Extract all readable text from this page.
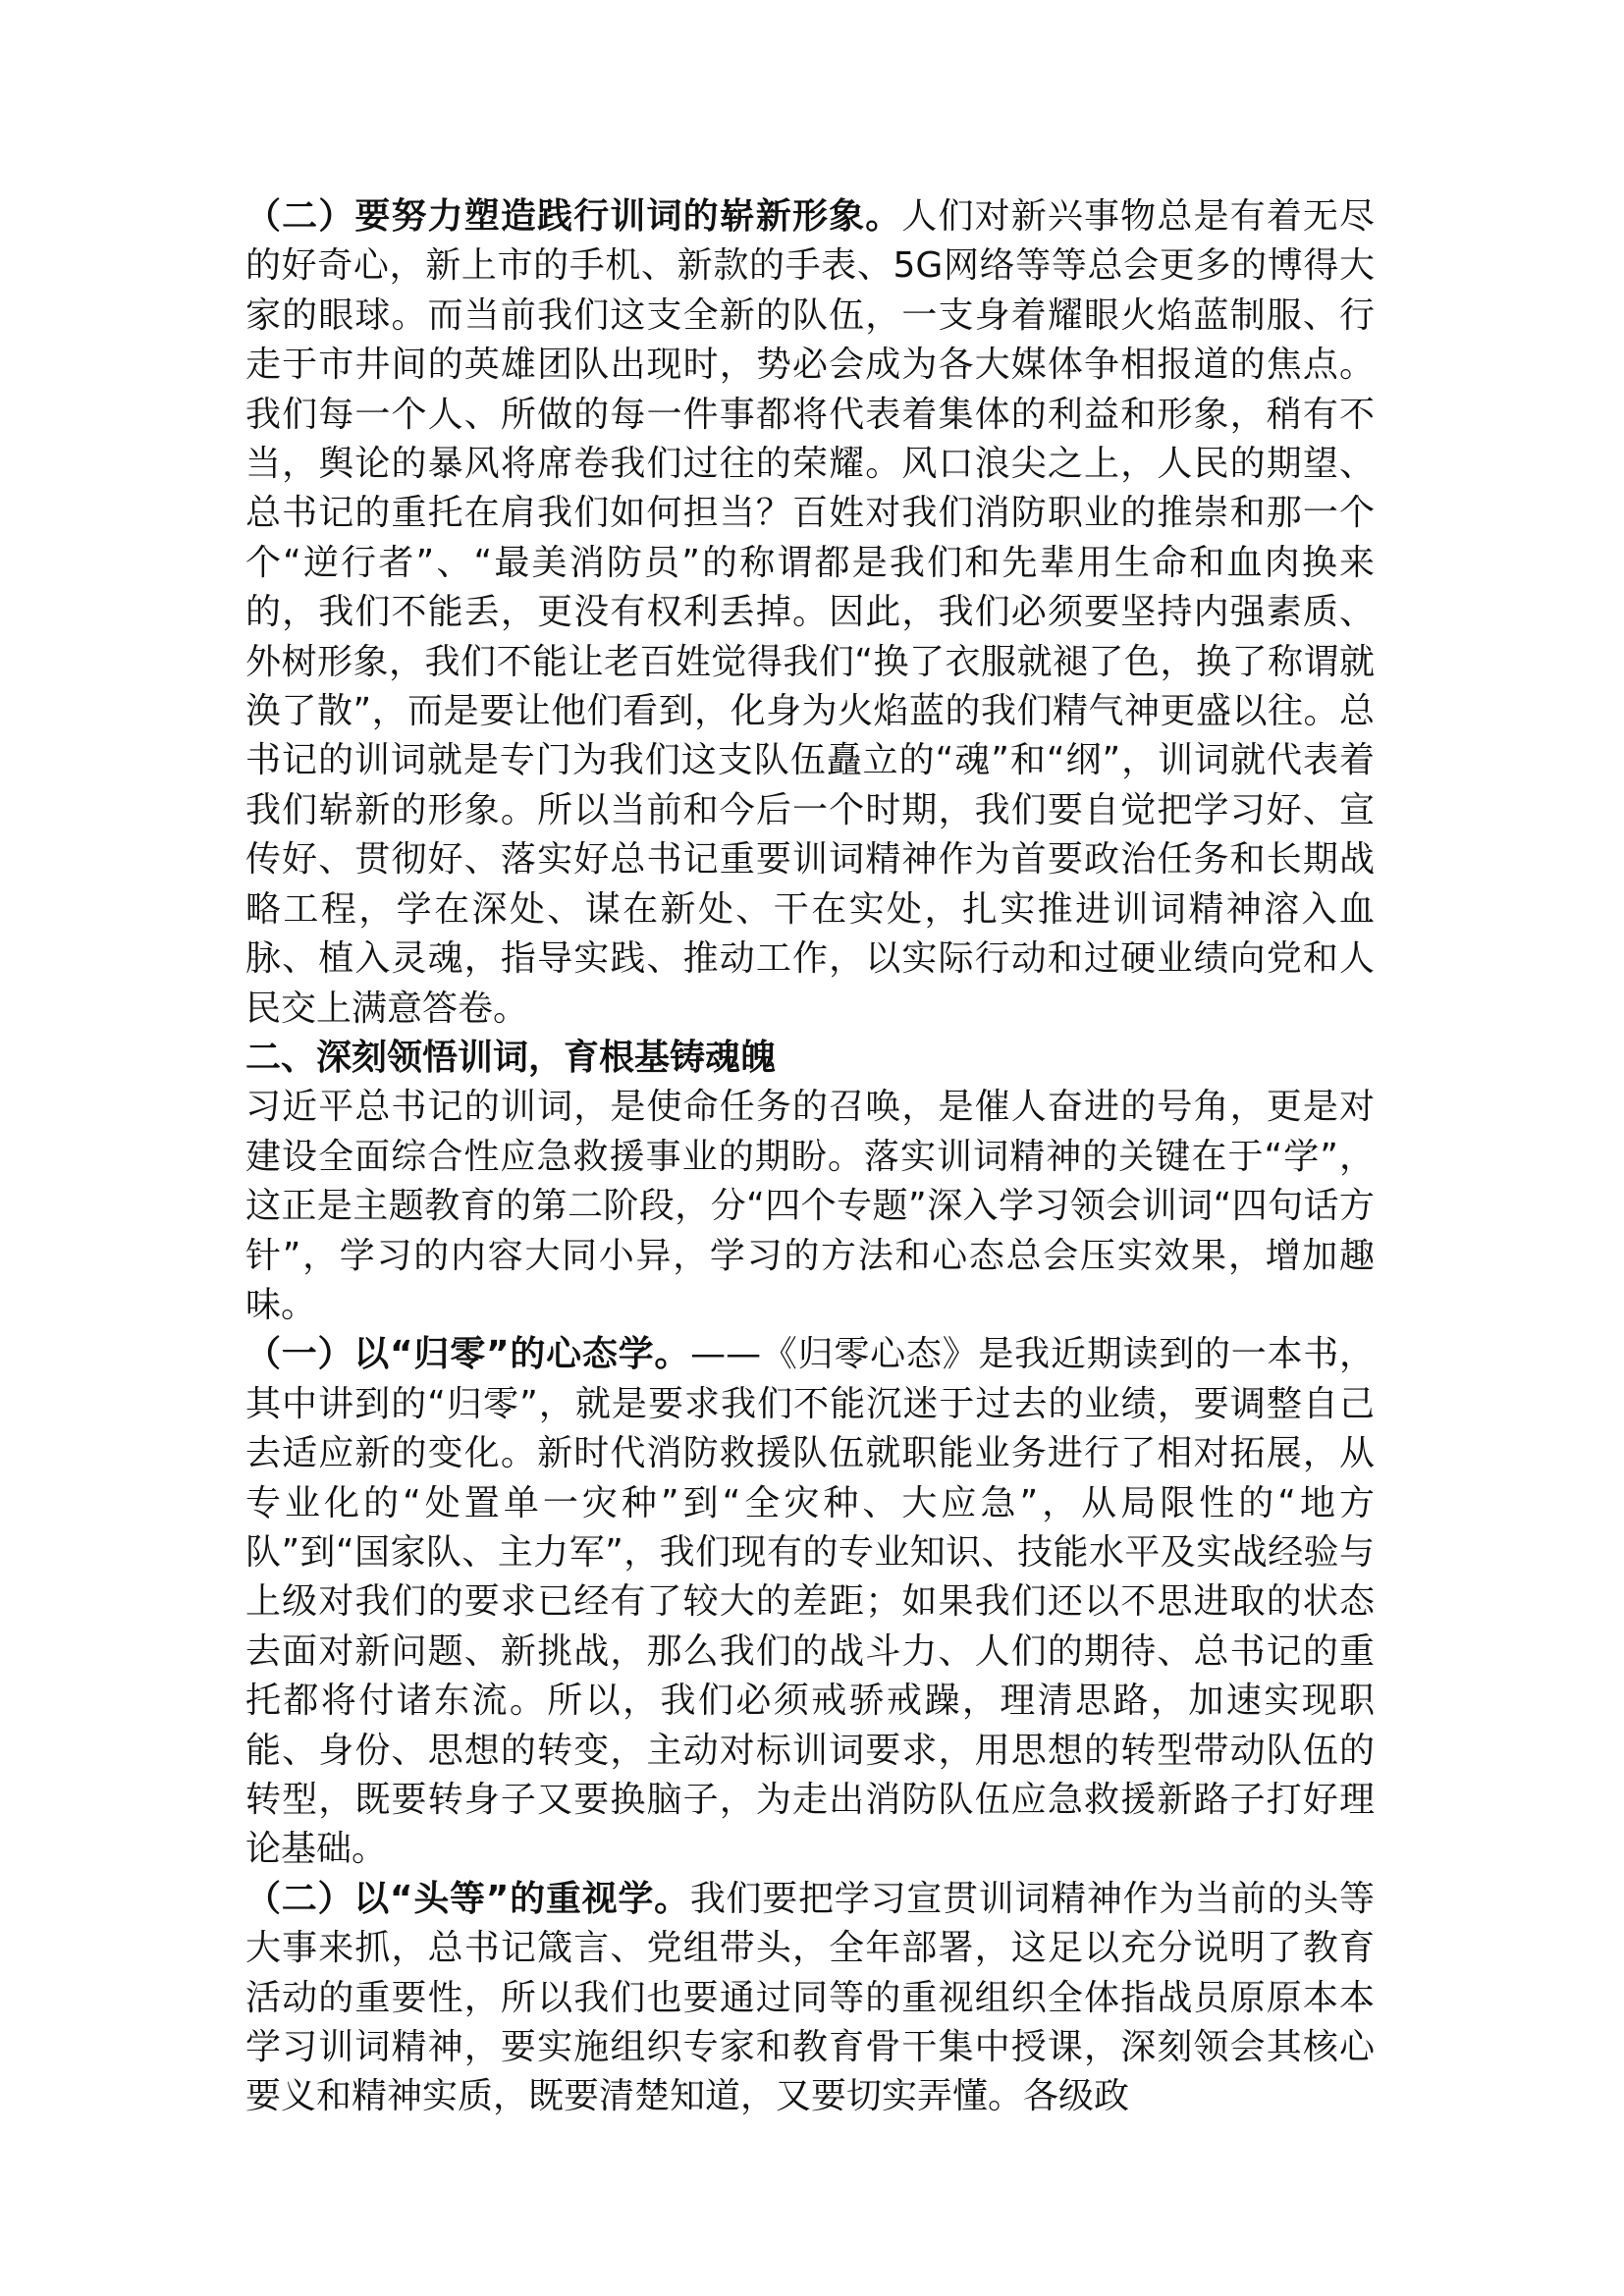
（二）要努力塑造践行训词的崭新形象。人们对新兴事物总是有着无尽的好奇心，新上市的手机、新款的手表、5G网络等等总会更多的博得大家的眼球。而当前我们这支全新的队伍，一支身着耀眼火焰蓝制服、行走于市井间的英雄团队出现时，势必会成为各大媒体争相报道的焦点。我们每一个人、所做的每一件事都将代表着集体的利益和形象，稍有不当，舆论的暴风将席卷我们过往的荣耀。风口浪尖之上，人民的期望、总书记的重托在肩我们如何担当？百姓对我们消防职业的推崇和那一个个“逆行者”、“最美消防员”的称谓都是我们和先辈用生命和血肉换来的，我们不能丢，更没有权利丢掉。因此，我们必须要坚持内强素质、外树形象，我们不能让老百姓觉得我们“换了衣服就褪了色，换了称谓就涣了散”，而是要让他们看到，化身为火焰蓝的我们精气神更盛以往。总书记的训词就是专门为我们这支队伍矗立的“魂”和“纲”，训词就代表着我们崭新的形象。所以当前和今后一个时期，我们要自觉把学习好、宣传好、贯彻好、落实好总书记重要训词精神作为首要政治任务和长期战略工程，学在深处、谋在新处、干在实处，扎实推进训词精神溶入血脉、植入灵魂，指导实践、推动工作，以实际行动和过硬业绩向党和人民交上满意答卷。

二、深刻领悟训词，育根基铸魂魄

习近平总书记的训词，是使命任务的召唤，是催人奋进的号角，更是对建设全面综合性应急救援事业的期盼。落实训词精神的关键在于“学”，这正是主题教育的第二阶段，分“四个专题”深入学习领会训词“四句话方针”，学习的内容大同小异，学习的方法和心态总会压实效果，增加趣味。

（一）以“归零”的心态学。——《归零心态》是我近期读到的一本书，其中讲到的“归零”，就是要求我们不能沉迷于过去的业绩，要调整自己去适应新的变化。新时代消防救援队伍就职能业务进行了相对拓展，从专业化的“处置单一灾种”到“全灾种、大应急”，从局限性的“地方队”到“国家队、主力军”，我们现有的专业知识、技能水平及实战经验与上级对我们的要求已经有了较大的差距；如果我们还以不思进取的状态去面对新问题、新挑战，那么我们的战斗力、人们的期待、总书记的重托都将付诸东流。所以，我们必须戒骄戒躁，理清思路，加速实现职能、身份、思想的转变，主动对标训词要求，用思想的转型带动队伍的转型，既要转身子又要换脑子，为走出消防队伍应急救援新路子打好理论基础。

（二）以“头等”的重视学。我们要把学习宣贯训词精神作为当前的头等大事来抓，总书记箴言、党组带头，全年部署，这足以充分说明了教育活动的重要性，所以我们也要通过同等的重视组织全体指战员原原本本学习训词精神，要实施组织专家和教育骨干集中授课，深刻领会其核心要义和精神实质，既要清楚知道，又要切实弄懂。各级政
